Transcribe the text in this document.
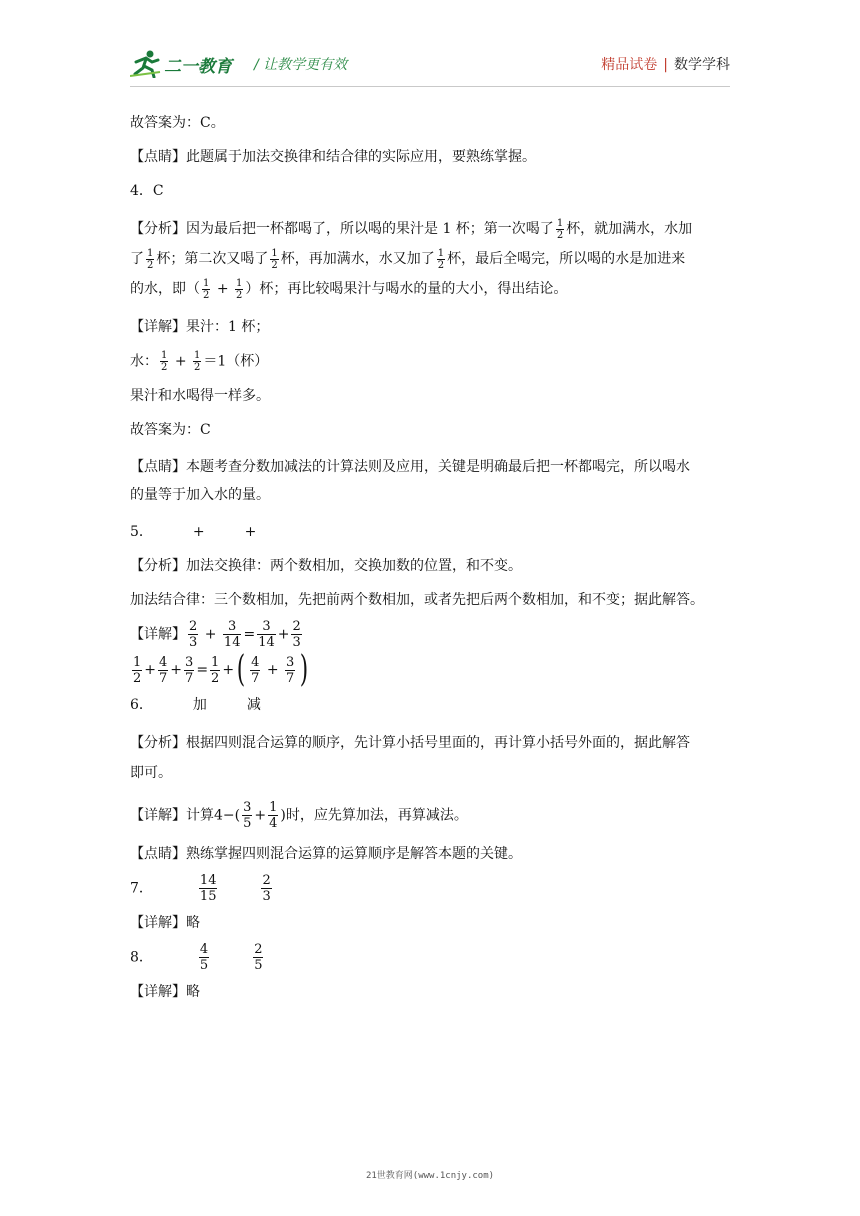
二一教育 / 让教学更有效	精品试卷 | 数学学科

故答案为：C。

【点睛】此题属于加法交换律和结合律的实际应用，要熟练掌握。

4．C

【分析】因为最后把一杯都喝了，所以喝的果汁是 1 杯；第一次喝了 $\frac{1}{2}$ 杯，就加满水，水加
了 $\frac{1}{2}$ 杯；第二次又喝了 $\frac{1}{2}$ 杯，再加满水，水又加了 $\frac{1}{2}$ 杯，最后全喝完，所以喝的水是加进来
的水，即（ $\frac{1}{2} + \frac{1}{2}$ ）杯；再比较喝果汁与喝水的量的大小，得出结论。

【详解】果汁：1 杯；

水： $\frac{1}{2} + \frac{1}{2} =1$（杯）

果汁和水喝得一样多。

故答案为：C

【点睛】本题考查分数加减法的计算法则及应用，关键是明确最后把一杯都喝完，所以喝水
的量等于加入水的量。

5．	+	+

【分析】加法交换律：两个数相加，交换加数的位置，和不变。

加法结合律：三个数相加，先把前两个数相加，或者先把后两个数相加，和不变；据此解答。

【详解】 $\frac{2}{3} + \frac{3}{14} = \frac{3}{14} + \frac{2}{3}$

$\frac{1}{2} + \frac{4}{7} + \frac{3}{7} = \frac{1}{2}$ +( $\frac{4}{7} + \frac{3}{7}$ )

6．	加	减

【分析】根据四则混合运算的顺序，先计算小括号里面的，再计算小括号外面的，据此解答
即可。

【详解】计算$4-( \frac{3}{5} + \frac{1}{4}$ )时，应先算加法，再算减法。

【点睛】熟练掌握四则混合运算的运算顺序是解答本题的关键。

7．	$\frac{14}{15}$	$\frac{2}{3}$

【详解】略

8．	$\frac{4}{5}$	$\frac{2}{5}$

【详解】略

21世教育网(www.1cnjy.com)
